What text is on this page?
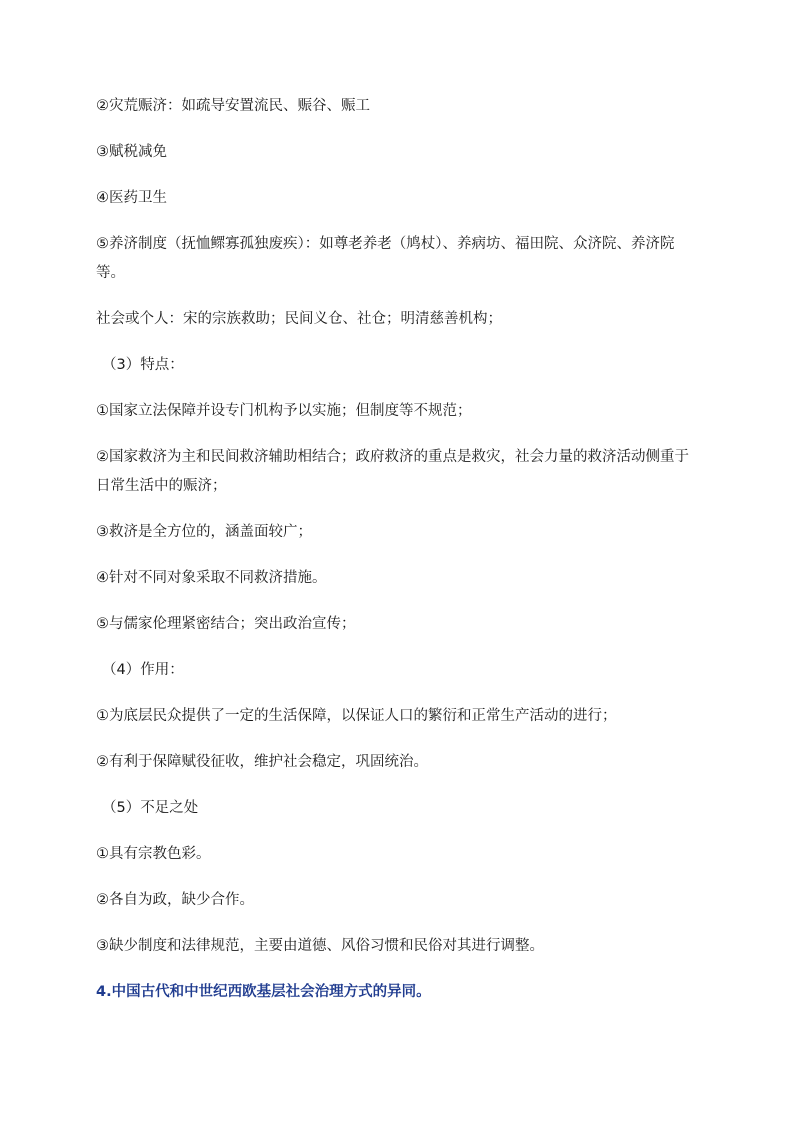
②灾荒赈济：如疏导安置流民、赈谷、赈工

③赋税减免

④医药卫生

⑤养济制度（抚恤鳏寡孤独废疾）：如尊老养老（鸠杖）、养病坊、福田院、众济院、养济院等。

社会或个人：宋的宗族救助；民间义仓、社仓；明清慈善机构；

（3）特点：

①国家立法保障并设专门机构予以实施；但制度等不规范；

②国家救济为主和民间救济辅助相结合；政府救济的重点是救灾，社会力量的救济活动侧重于日常生活中的赈济；

③救济是全方位的，涵盖面较广；

④针对不同对象采取不同救济措施。

⑤与儒家伦理紧密结合；突出政治宣传；

（4）作用：

①为底层民众提供了一定的生活保障，以保证人口的繁衍和正常生产活动的进行；

②有利于保障赋役征收，维护社会稳定，巩固统治。

（5）不足之处

①具有宗教色彩。

②各自为政，缺少合作。

③缺少制度和法律规范，主要由道德、风俗习惯和民俗对其进行调整。

4.中国古代和中世纪西欧基层社会治理方式的异同。
